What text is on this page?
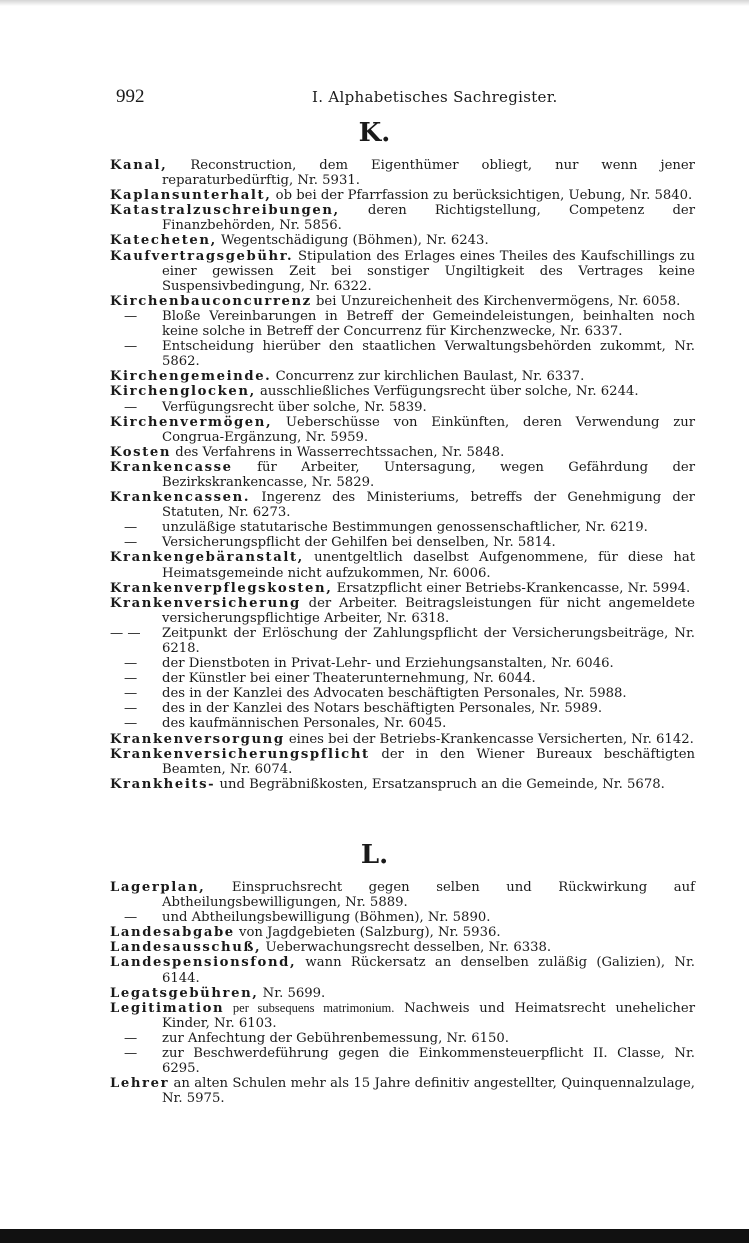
992	I. Alphabetisches Sachregister.
K.

Kanal, Reconstruction, dem Eigenthümer obliegt, nur wenn jener reparaturbedürftig, Nr. 5931.

Kaplansunterhalt, ob bei der Pfarrfassion zu berücksichtigen, Uebung, Nr. 5840.

Katastralzuschreibungen, deren Richtigstellung, Competenz der Finanzbehörden, Nr. 5856.

Katecheten, Wegentschädigung (Böhmen), Nr. 6243.

Kaufvertragsgebühr. Stipulation des Erlages eines Theiles des Kaufschillings zu einer gewissen Zeit bei sonstiger Ungiltigkeit des Vertrages keine Suspensivbedingung, Nr. 6322.

Kirchenbauconcurrenz bei Unzureichenheit des Kirchenvermögens, Nr. 6058.

— Bloße Vereinbarungen in Betreff der Gemeindeleistungen, beinhalten noch keine solche in Betreff der Concurrenz für Kirchenzwecke, Nr. 6337.

— Entscheidung hierüber den staatlichen Verwaltungsbehörden zukommt, Nr. 5862.

Kirchengemeinde. Concurrenz zur kirchlichen Baulast, Nr. 6337.

Kirchenglocken, ausschließliches Verfügungsrecht über solche, Nr. 6244.

— Verfügungsrecht über solche, Nr. 5839.

Kirchenvermögen, Ueberschüsse von Einkünften, deren Verwendung zur Congrua-Ergänzung, Nr. 5959.

Kosten des Verfahrens in Wasserrechtssachen, Nr. 5848.

Krankencasse für Arbeiter, Untersagung, wegen Gefährdung der Bezirkskrankencasse, Nr. 5829.

Krankencassen. Ingerenz des Ministeriums, betreffs der Genehmigung der Statuten, Nr. 6273.

— unzuläßige statutarische Bestimmungen genossenschaftlicher, Nr. 6219.

— Versicherungspflicht der Gehilfen bei denselben, Nr. 5814.

Krankengebäranstalt, unentgeltlich daselbst Aufgenommene, für diese hat Heimatsgemeinde nicht aufzukommen, Nr. 6006.

Krankenverpflegskosten, Ersatzpflicht einer Betriebs-Krankencasse, Nr. 5994.

Krankenversicherung der Arbeiter. Beitragsleistungen für nicht angemeldete versicherungspflichtige Arbeiter, Nr. 6318.

— — Zeitpunkt der Erlöschung der Zahlungspflicht der Versicherungsbeiträge, Nr. 6218.

— der Dienstboten in Privat-Lehr- und Erziehungsanstalten, Nr. 6046.

— der Künstler bei einer Theaterunternehmung, Nr. 6044.

— des in der Kanzlei des Advocaten beschäftigten Personales, Nr. 5988.

— des in der Kanzlei des Notars beschäftigten Personales, Nr. 5989.

— des kaufmännischen Personales, Nr. 6045.

Krankenversorgung eines bei der Betriebs-Krankencasse Versicherten, Nr. 6142.

Krankenversicherungspflicht der in den Wiener Bureaux beschäftigten Beamten, Nr. 6074.

Krankheits- und Begräbnißkosten, Ersatzanspruch an die Gemeinde, Nr. 5678.

L.

Lagerplan, Einspruchsrecht gegen selben und Rückwirkung auf Abtheilungsbewilligungen, Nr. 5889.

— und Abtheilungsbewilligung (Böhmen), Nr. 5890.

Landesabgabe von Jagdgebieten (Salzburg), Nr. 5936.

Landesausschuß, Ueberwachungsrecht desselben, Nr. 6338.

Landespensionsfond, wann Rückersatz an denselben zuläßig (Galizien), Nr. 6144.

Legatsgebühren, Nr. 5699.

Legitimation per subsequens matrimonium. Nachweis und Heimatsrecht unehelicher Kinder, Nr. 6103.

— zur Anfechtung der Gebührenbemessung, Nr. 6150.

— zur Beschwerdeführung gegen die Einkommensteuerpflicht II. Classe, Nr. 6295.

Lehrer an alten Schulen mehr als 15 Jahre definitiv angestellter, Quinquennalzulage, Nr. 5975.
